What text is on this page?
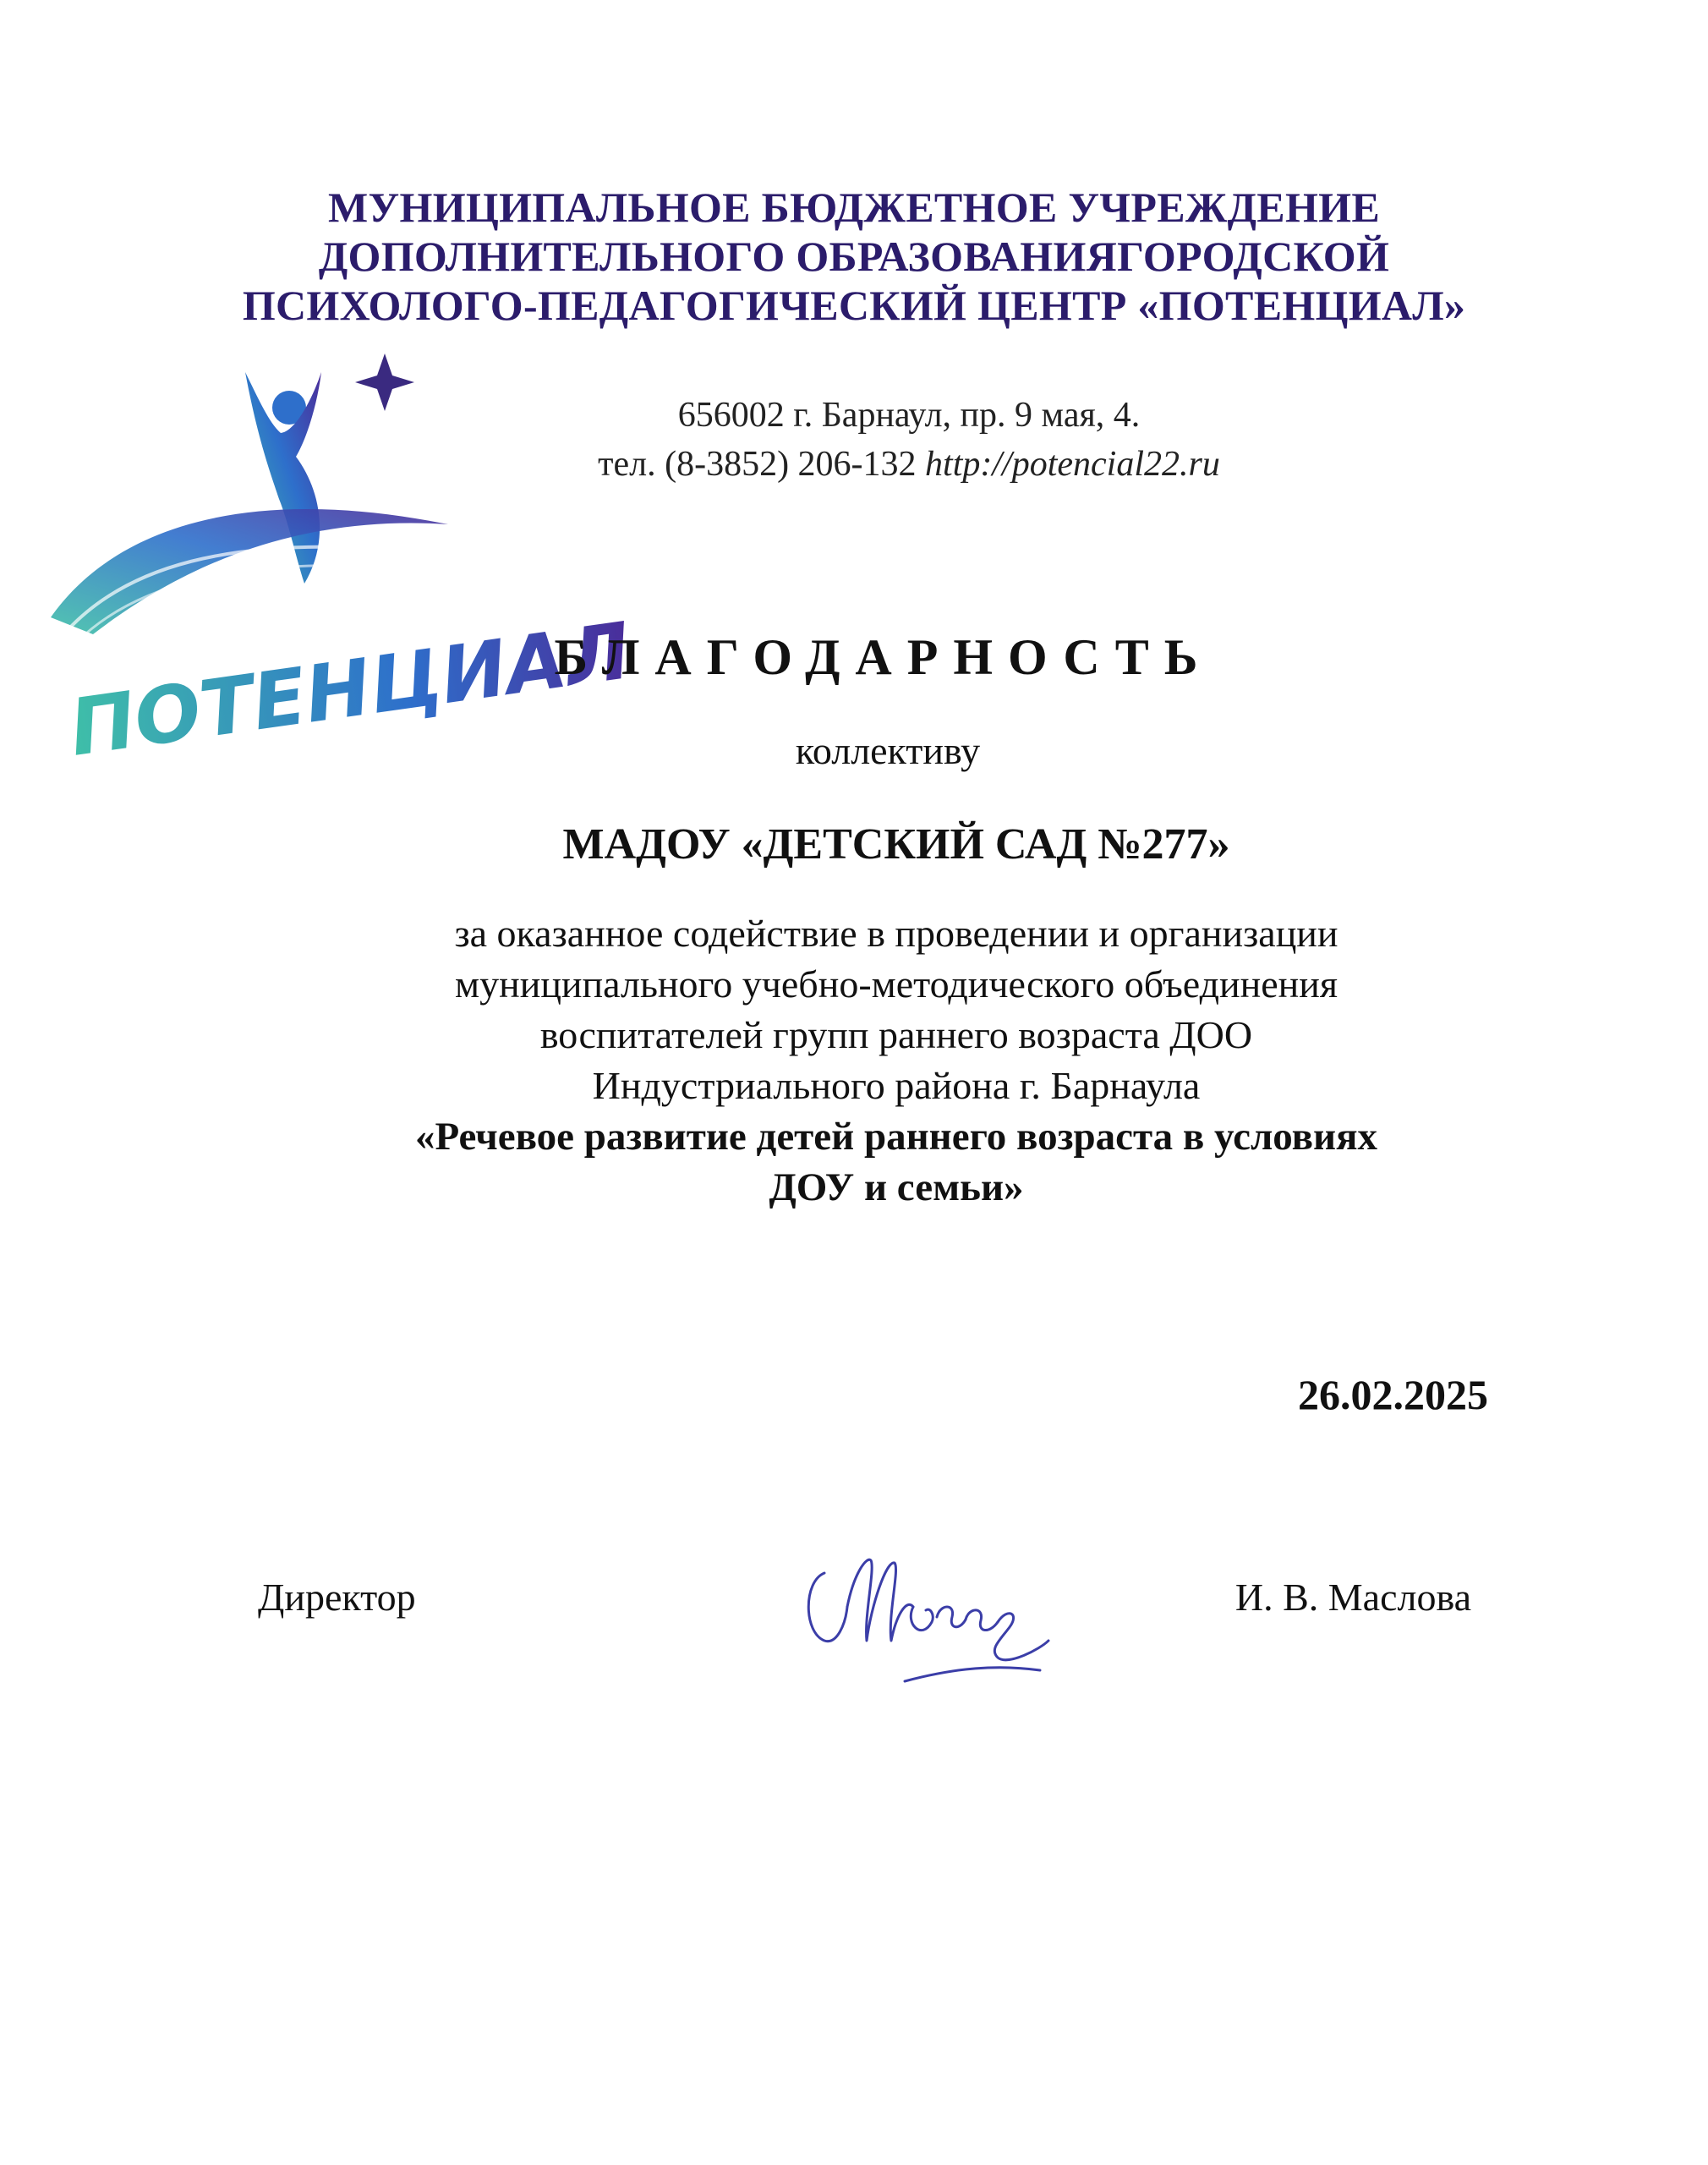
МУНИЦИПАЛЬНОЕ БЮДЖЕТНОЕ УЧРЕЖДЕНИЕ
ДОПОЛНИТЕЛЬНОГО ОБРАЗОВАНИЯГОРОДСКОЙ
ПСИХОЛОГО-ПЕДАГОГИЧЕСКИЙ ЦЕНТР «ПОТЕНЦИАЛ»
ПОТЕНЦИАЛ
656002 г. Барнаул, пр. 9 мая, 4.
тел. (8-3852) 206-132 http://potencial22.ru
БЛАГОДАРНОСТЬ
коллективу
МАДОУ «ДЕТСКИЙ САД №277»
за оказанное содействие в проведении и организации
муниципального учебно-методического объединения
воспитателей групп раннего возраста ДОО
Индустриального района г. Барнаула
«Речевое развитие детей раннего возраста в условиях
ДОУ и семьи»
26.02.2025
Директор	И. В. Маслова
